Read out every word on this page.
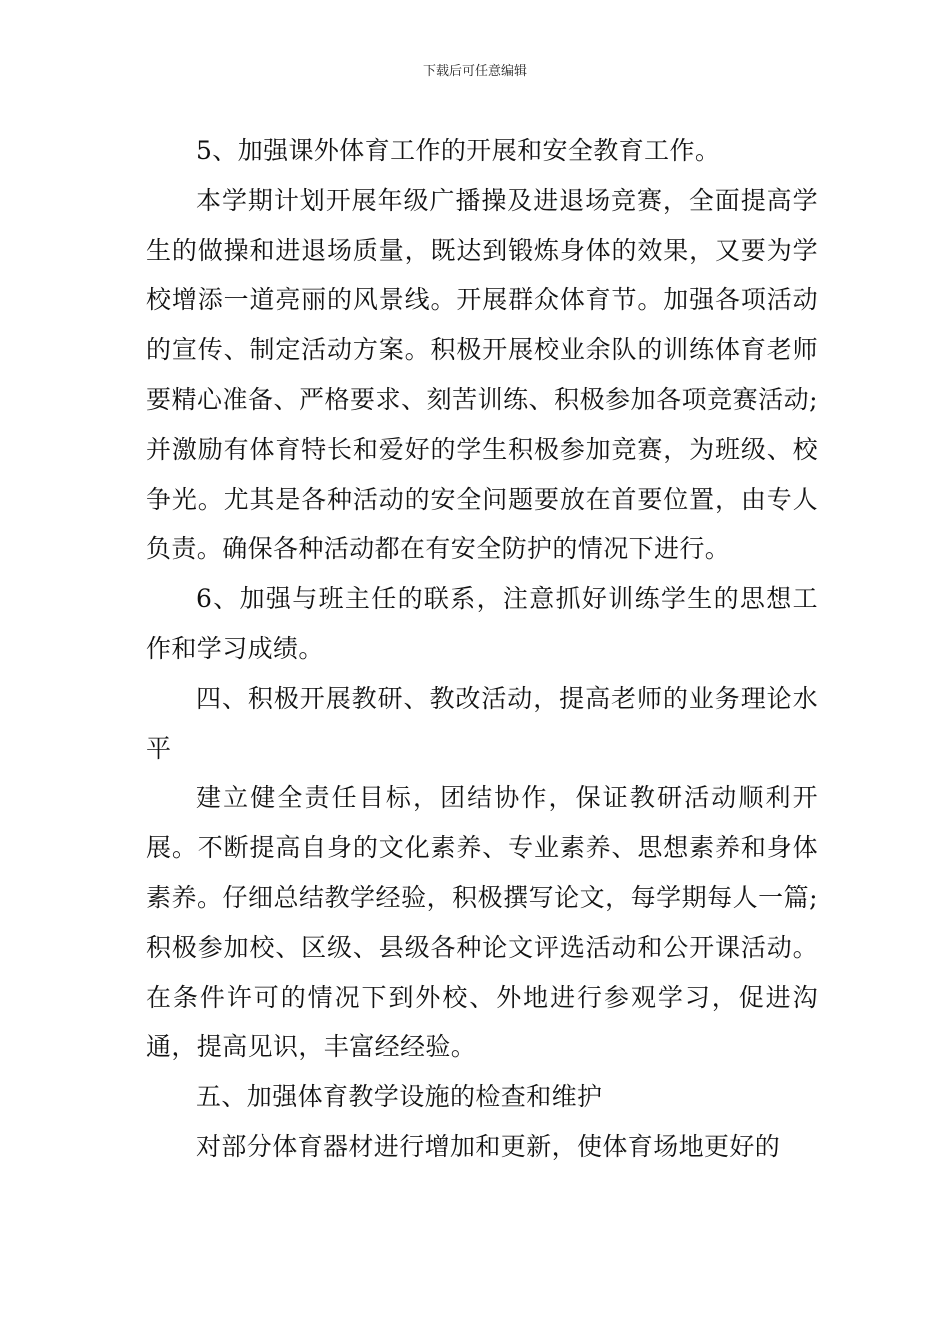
下载后可任意编辑

5、加强课外体育工作的开展和安全教育工作。

本学期计划开展年级广播操及进退场竞赛，全面提高学生的做操和进退场质量，既达到锻炼身体的效果，又要为学校增添一道亮丽的风景线。开展群众体育节。加强各项活动的宣传、制定活动方案。积极开展校业余队的训练体育老师要精心准备、严格要求、刻苦训练、积极参加各项竞赛活动;并激励有体育特长和爱好的学生积极参加竞赛，为班级、校争光。尤其是各种活动的安全问题要放在首要位置，由专人负责。确保各种活动都在有安全防护的情况下进行。

6、加强与班主任的联系，注意抓好训练学生的思想工作和学习成绩。

四、积极开展教研、教改活动，提高老师的业务理论水平

建立健全责任目标，团结协作，保证教研活动顺利开展。不断提高自身的文化素养、专业素养、思想素养和身体素养。仔细总结教学经验，积极撰写论文，每学期每人一篇;积极参加校、区级、县级各种论文评选活动和公开课活动。在条件许可的情况下到外校、外地进行参观学习，促进沟通，提高见识，丰富经经验。

五、加强体育教学设施的检查和维护

对部分体育器材进行增加和更新，使体育场地更好的
